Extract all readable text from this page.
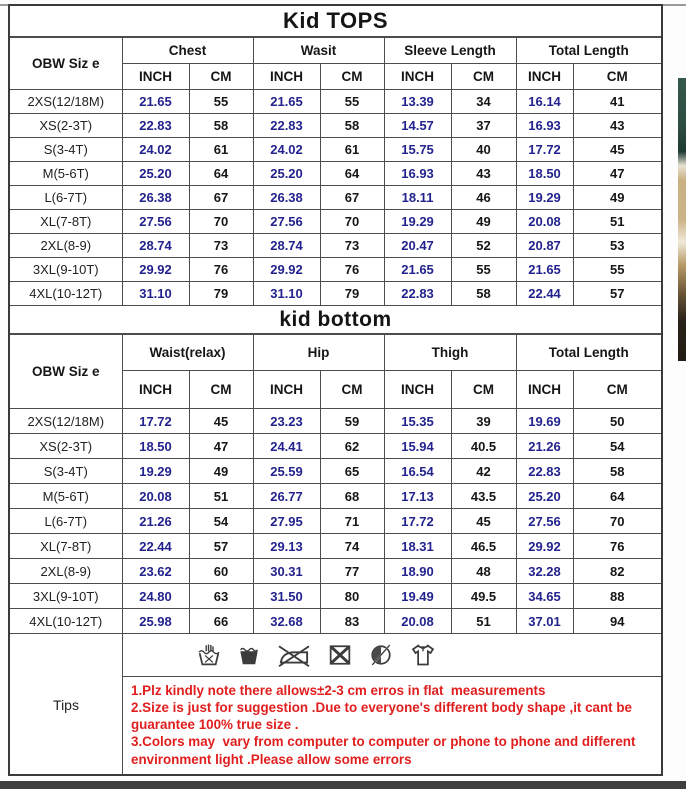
Kid TOPS
OBW Siz e	Chest		Wasit		Sleeve Length		Total Length	
	INCH	CM	INCH	CM	INCH	CM	INCH	CM
2XS(12/18M)	21.65	55	21.65	55	13.39	34	16.14	41
XS(2-3T)	22.83	58	22.83	58	14.57	37	16.93	43
S(3-4T)	24.02	61	24.02	61	15.75	40	17.72	45
M(5-6T)	25.20	64	25.20	64	16.93	43	18.50	47
L(6-7T)	26.38	67	26.38	67	18.11	46	19.29	49
XL(7-8T)	27.56	70	27.56	70	19.29	49	20.08	51
2XL(8-9)	28.74	73	28.74	73	20.47	52	20.87	53
3XL(9-10T)	29.92	76	29.92	76	21.65	55	21.65	55
4XL(10-12T)	31.10	79	31.10	79	22.83	58	22.44	57
kid bottom
OBW Siz e	Waist(relax)		Hip		Thigh		Total Length	
	INCH	CM	INCH	CM	INCH	CM	INCH	CM
2XS(12/18M)	17.72	45	23.23	59	15.35	39	19.69	50
XS(2-3T)	18.50	47	24.41	62	15.94	40.5	21.26	54
S(3-4T)	19.29	49	25.59	65	16.54	42	22.83	58
M(5-6T)	20.08	51	26.77	68	17.13	43.5	25.20	64
L(6-7T)	21.26	54	27.95	71	17.72	45	27.56	70
XL(7-8T)	22.44	57	29.13	74	18.31	46.5	29.92	76
2XL(8-9)	23.62	60	30.31	77	18.90	48	32.28	82
3XL(9-10T)	24.80	63	31.50	80	19.49	49.5	34.65	88
4XL(10-12T)	25.98	66	32.68	83	20.08	51	37.01	94
Tips
1.Plz kindly note there allows±2-3 cm erros in flat  measurements
2.Size is just for suggestion .Due to everyone's different body shape ,it cant be guarantee 100% true size .
3.Colors may  vary from computer to computer or phone to phone and different environment light .Please allow some errors
